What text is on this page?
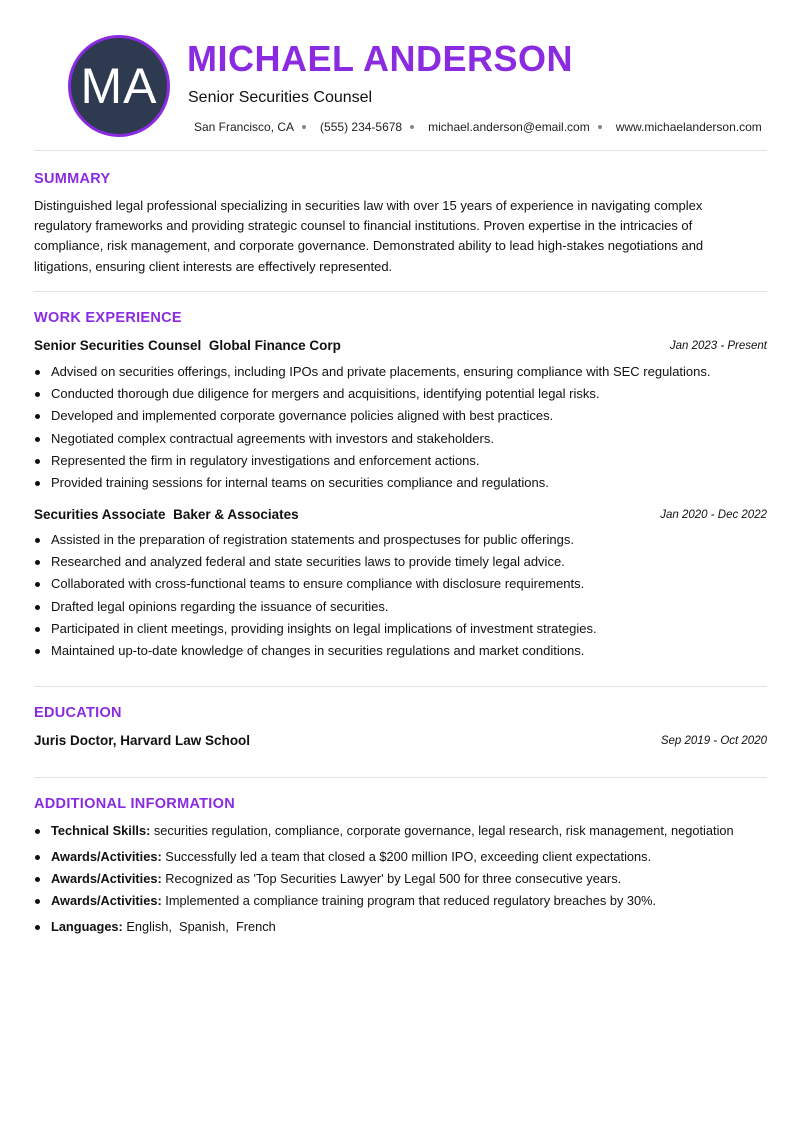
MA MICHAEL ANDERSON
Senior Securities Counsel
San Francisco, CA (555) 234-5678 michael.anderson@email.com www.michaelanderson.com
SUMMARY
Distinguished legal professional specializing in securities law with over 15 years of experience in navigating complex regulatory frameworks and providing strategic counsel to financial institutions. Proven expertise in the intricacies of compliance, risk management, and corporate governance. Demonstrated ability to lead high-stakes negotiations and litigations, ensuring client interests are effectively represented.
WORK EXPERIENCE
Senior Securities Counsel Global Finance Corp	Jan 2023 - Present
Advised on securities offerings, including IPOs and private placements, ensuring compliance with SEC regulations.
Conducted thorough due diligence for mergers and acquisitions, identifying potential legal risks.
Developed and implemented corporate governance policies aligned with best practices.
Negotiated complex contractual agreements with investors and stakeholders.
Represented the firm in regulatory investigations and enforcement actions.
Provided training sessions for internal teams on securities compliance and regulations.
Securities Associate Baker & Associates	Jan 2020 - Dec 2022
Assisted in the preparation of registration statements and prospectuses for public offerings.
Researched and analyzed federal and state securities laws to provide timely legal advice.
Collaborated with cross-functional teams to ensure compliance with disclosure requirements.
Drafted legal opinions regarding the issuance of securities.
Participated in client meetings, providing insights on legal implications of investment strategies.
Maintained up-to-date knowledge of changes in securities regulations and market conditions.
EDUCATION
Juris Doctor, Harvard Law School	Sep 2019 - Oct 2020
ADDITIONAL INFORMATION
Technical Skills: securities regulation, compliance, corporate governance, legal research, risk management, negotiation
Awards/Activities: Successfully led a team that closed a $200 million IPO, exceeding client expectations.
Awards/Activities: Recognized as 'Top Securities Lawyer' by Legal 500 for three consecutive years.
Awards/Activities: Implemented a compliance training program that reduced regulatory breaches by 30%.
Languages: English,  Spanish,  French
